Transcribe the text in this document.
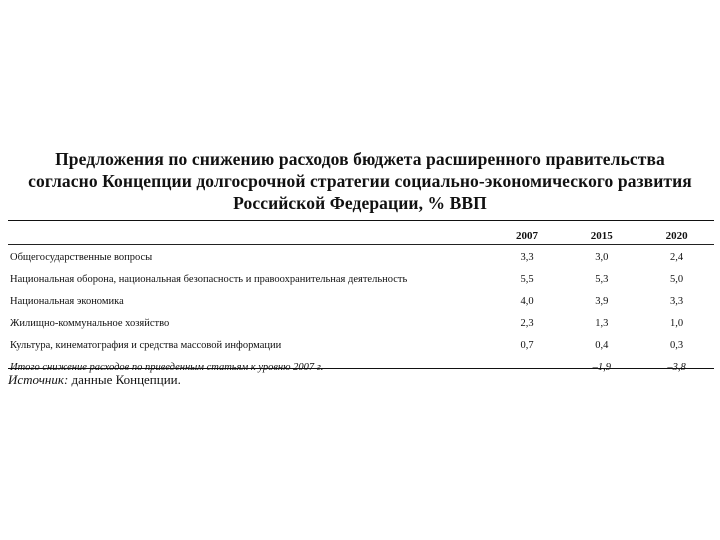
Предложения по снижению расходов бюджета расширенного правительства
согласно Концепции долгосрочной стратегии социально-экономического развития
Российской Федерации, % ВВП
	2007	2015	2020
Общегосударственные вопросы	3,3	3,0	2,4
Национальная оборона, национальная безопасность и правоохранительная деятельность	5,5	5,3	5,0
Национальная экономика	4,0	3,9	3,3
Жилищно-коммунальное хозяйство	2,3	1,3	1,0
Культура, кинематография и средства массовой информации	0,7	0,4	0,3
Итого снижение расходов по приведенным статьям к уровню 2007 г.		–1,9	–3,8
Источник: данные Концепции.
